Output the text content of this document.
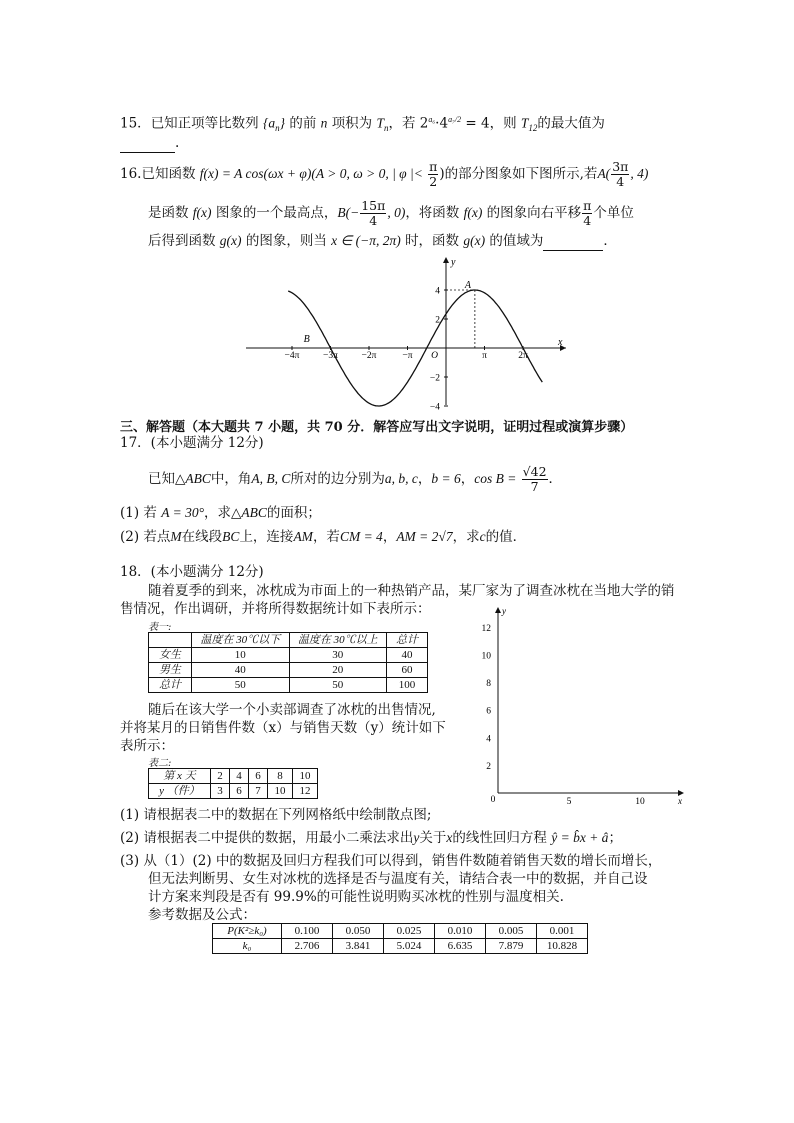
15．已知正项等比数列 $\{a_n\}$ 的前 n 项积为 $T_n$，若 $2^{a_6}\cdot 4^{a_7/2} = 4$，则 $T_{12}$的最大值为
.
16.已知函数 f(x) = A cos(ωx + φ)(A > 0, ω > 0, | φ |< $\frac{\pi}{2}$ )的部分图象如下图所示,若$A( \frac{3\pi}{4}$ , 4)
是函数 f(x) 图象的一个最高点，$B(- \frac{15\pi}{4}$ , 0)，将函数 f(x) 的图象向右平移 $\frac{\pi}{4}$ 个单位
后得到函数 g(x) 的图象，则当 x ∈ (−π, 2π) 时，函数 g(x) 的值域为	．
x
y
−4π −3π −2π	−π O	π	2π
4
2
−2
−4
A
B
三、解答题（本大题共 7 小题，共 70 分．解答应写出文字说明，证明过程或演算步骤）
17．(本小题满分 12分)
已知△ABC中，角A, B, C所对的边分别为a, b, c，b = 6，$\cos B = \frac{√42}{7}$ ．
(1) 若 A = 30°，求△ABC的面积；
(2) 若点M在线段BC上，连接AM，若CM = 4，AM = 2√7，求c的值．
18．(本小题满分 12分)
随着夏季的到来，冰枕成为市面上的一种热销产品，某厂家为了调查冰枕在当地大学的销
售情况，作出调研，并将所得数据统计如下表所示：
表一:
	温度在 30℃以下	温度在 30℃以上	总计
女生	10	30	40
男生	40	20	60
总计	50	50	100
随后在该大学一个小卖部调查了冰枕的出售情况,
并将某月的日销售件数（x）与销售天数（y）统计如下
表所示：
表二:
第 x 天	2	4	6	8	10
y （件）	3	6	7	10	12
x
y
0
12
10
8
6
4
2
5	10
(1) 请根据表二中的数据在下列网格纸中绘制散点图;
(2) 请根据表二中提供的数据，用最小二乘法求出y关于x的线性回归方程 ŷ = b̂x + â；
(3) 从（1）(2) 中的数据及回归方程我们可以得到，销售件数随着销售天数的增长而增长，
但无法判断男、女生对冰枕的选择是否与温度有关，请结合表一中的数据，并自己设
计方案来判段是否有 99.9%的可能性说明购买冰枕的性别与温度相关.
参考数据及公式：
P(K²≥k₀)	0.100	0.050	0.025	0.010	0.005	0.001
k₀	2.706	3.841	5.024	6.635	7.879	10.828
